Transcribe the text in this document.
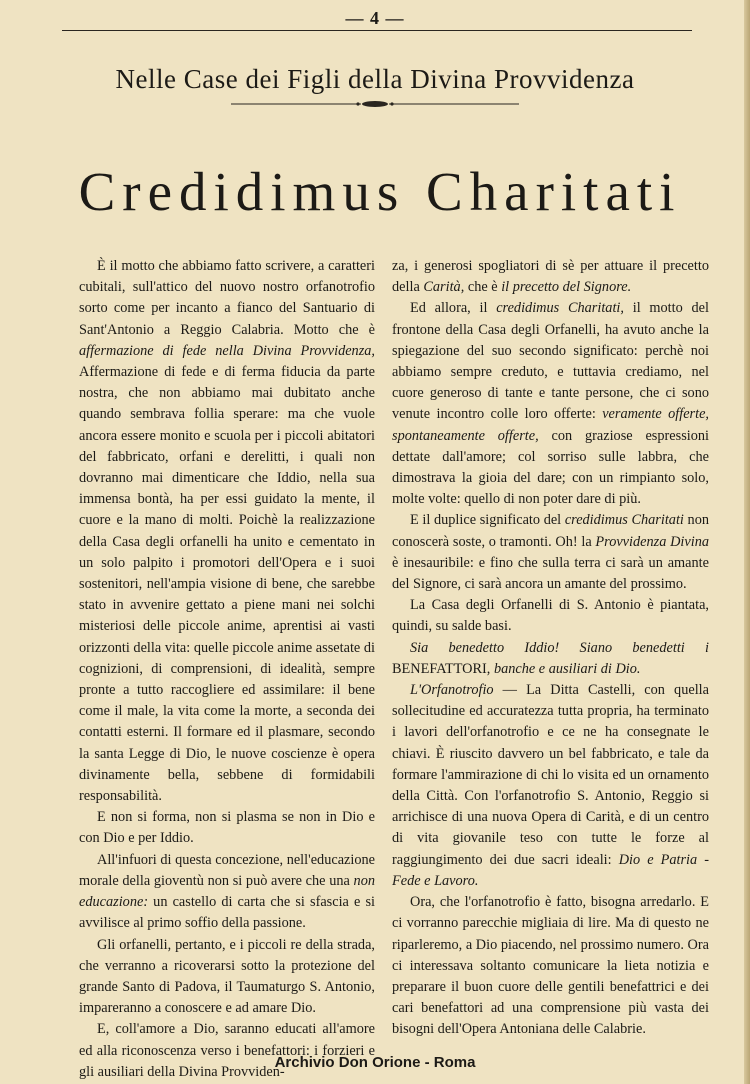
— 4 —
Nelle Case dei Figli della Divina Provvidenza
Credidimus Charitati

È il motto che abbiamo fatto scrivere, a caratteri cubitali, sull'attico del nuovo nostro orfanotrofio sorto come per incanto a fianco del Santuario di Sant'Antonio a Reggio Calabria. Motto che è affermazione di fede nella Divina Provvidenza, Affermazione di fede e di ferma fiducia da parte nostra, che non abbiamo mai dubitato anche quando sembrava follia sperare: ma che vuole ancora essere monito e scuola per i piccoli abitatori del fabbricato, orfani e derelitti, i quali non dovranno mai dimenticare che Iddio, nella sua immensa bontà, ha per essi guidato la mente, il cuore e la mano di molti. Poichè la realizzazione della Casa degli orfanelli ha unito e cementato in un solo palpito i promotori dell'Opera e i suoi sostenitori, nell'ampia visione di bene, che sarebbe stato in avvenire gettato a piene mani nei solchi misteriosi delle piccole anime, aprentisi ai vasti orizzonti della vita: quelle piccole anime assetate di cognizioni, di comprensioni, di idealità, sempre pronte a tutto raccogliere ed assimilare: il bene come il male, la vita come la morte, a seconda dei contatti esterni. Il formare ed il plasmare, secondo la santa Legge di Dio, le nuove coscienze è opera divinamente bella, sebbene di formidabili responsabilità.

E non si forma, non si plasma se non in Dio e con Dio e per Iddio.

All'infuori di questa concezione, nell'educazione morale della gioventù non si può avere che una non educazione: un castello di carta che si sfascia e si avvilisce al primo soffio della passione.

Gli orfanelli, pertanto, e i piccoli re della strada, che verranno a ricoverarsi sotto la protezione del grande Santo di Padova, il Taumaturgo S. Antonio, impareranno a conoscere e ad amare Dio.

E, coll'amore a Dio, saranno educati all'amore ed alla riconoscenza verso i benefattori: i forzieri e gli ausiliari della Divina Provviden-

za, i generosi spogliatori di sè per attuare il precetto della Carità, che è il precetto del Signore.

Ed allora, il credidimus Charitati, il motto del frontone della Casa degli Orfanelli, ha avuto anche la spiegazione del suo secondo significato: perchè noi abbiamo sempre creduto, e tuttavia crediamo, nel cuore generoso di tante e tante persone, che ci sono venute incontro colle loro offerte: veramente offerte, spontaneamente offerte, con graziose espressioni dettate dall'amore; col sorriso sulle labbra, che dimostrava la gioia del dare; con un rimpianto solo, molte volte: quello di non poter dare di più.

E il duplice significato del credidimus Charitati non conoscerà soste, o tramonti. Oh! la Provvidenza Divina è inesauribile: e fino che sulla terra ci sarà un amante del Signore, ci sarà ancora un amante del prossimo.

La Casa degli Orfanelli di S. Antonio è piantata, quindi, su salde basi.

Sia benedetto Iddio! Siano benedetti i BENEFATTORI, banche e ausiliari di Dio.

L'Orfanotrofio — La Ditta Castelli, con quella sollecitudine ed accuratezza tutta propria, ha terminato i lavori dell'orfanotrofio e ce ne ha consegnate le chiavi. È riuscito davvero un bel fabbricato, e tale da formare l'ammirazione di chi lo visita ed un ornamento della Città. Con l'orfanotrofio S. Antonio, Reggio si arrichisce di una nuova Opera di Carità, e di un centro di vita giovanile teso con tutte le forze al raggiungimento dei due sacri ideali: Dio e Patria - Fede e Lavoro.

Ora, che l'orfanotrofio è fatto, bisogna arredarlo. E ci vorranno parecchie migliaia di lire. Ma di questo ne riparleremo, a Dio piacendo, nel prossimo numero. Ora ci interessava soltanto comunicare la lieta notizia e preparare il buon cuore delle gentili benefattrici e dei cari benefattori ad una comprensione più vasta dei bisogni dell'Opera Antoniana delle Calabrie.

Archivio Don Orione - Roma
